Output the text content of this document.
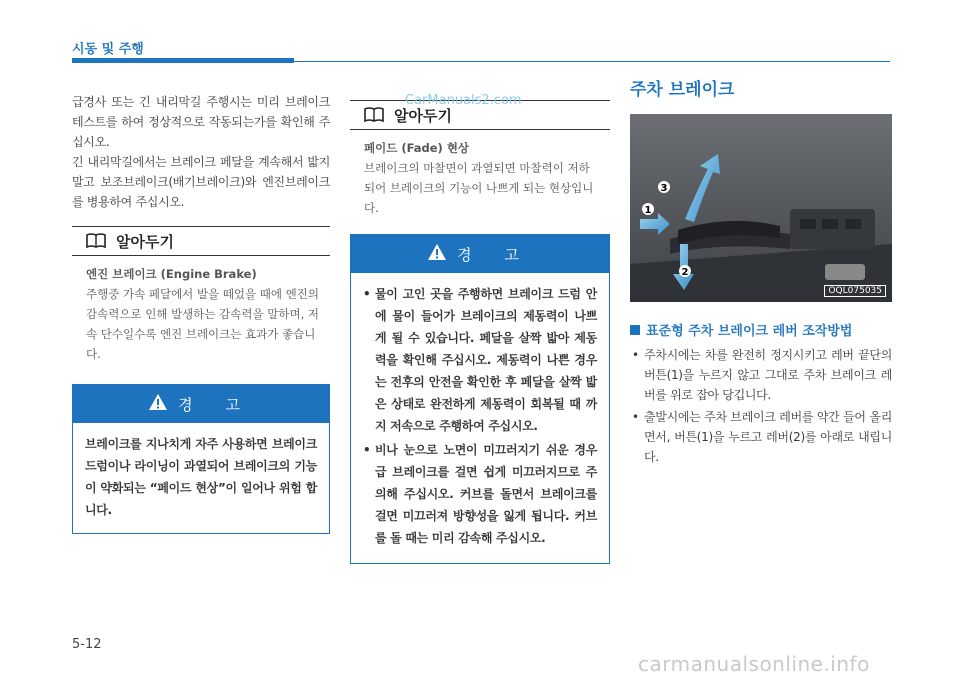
시동 및 주행

급경사 또는 긴 내리막길 주행시는 미리 브레이크 테스트를 하여 정상적으로 작동되는가를 확인해 주십시오.

긴 내리막길에서는 브레이크 페달을 계속해서 밟지 말고 보조브레이크(배기브레이크)와 엔진브레이크를 병용하여 주십시오.

알아두기
엔진 브레이크 (Engine Brake)
주행중 가속 페달에서 발을 떼었을 때에 엔진의 감속력으로 인해 발생하는 감속력을 말하며, 저속 단수일수록 엔진 브레이크는 효과가 좋습니다.
경 고
브레이크를 지나치게 자주 사용하면 브레이크 드럼이나 라이닝이 과열되어 브레이크의 기능이 약화되는 “페이드 현상”이 일어나 위험 합니다.
알아두기
페이드 (Fade) 현상
브레이크의 마찰면이 과열되면 마찰력이 저하되어 브레이크의 기능이 나쁘게 되는 현상입니다.
경 고
• 물이 고인 곳을 주행하면 브레이크 드럼 안에 물이 들어가 브레이크의 제동력이 나쁘게 될 수 있습니다. 페달을 살짝 밟아 제동력을 확인해 주십시오. 제동력이 나쁜 경우는 전후의 안전을 확인한 후 페달을 살짝 밟은 상태로 완전하게 제동력이 회복될 때 까지 저속으로 주행하여 주십시오.
• 비나 눈으로 노면이 미끄러지기 쉬운 경우 급 브레이크를 걸면 쉽게 미끄러지므로 주의해 주십시오. 커브를 돌면서 브레이크를 걸면 미끄러져 방향성을 잃게 됩니다. 커브를 돌 때는 미리 감속해 주십시오.
주차 브레이크
1
2
3
OQL075035
표준형 주차 브레이크 레버 조작방법
• 주차시에는 차를 완전히 정지시키고 레버 끝단의 버튼(1)을 누르지 않고 그대로 주차 브레이크 레버를 위로 잡아 당깁니다.
• 출발시에는 주차 브레이크 레버를 약간 들어 올리면서, 버튼(1)을 누르고 레버(2)를 아래로 내립니다.
5-12
CarManuals2.com
carmanualsonline.info
